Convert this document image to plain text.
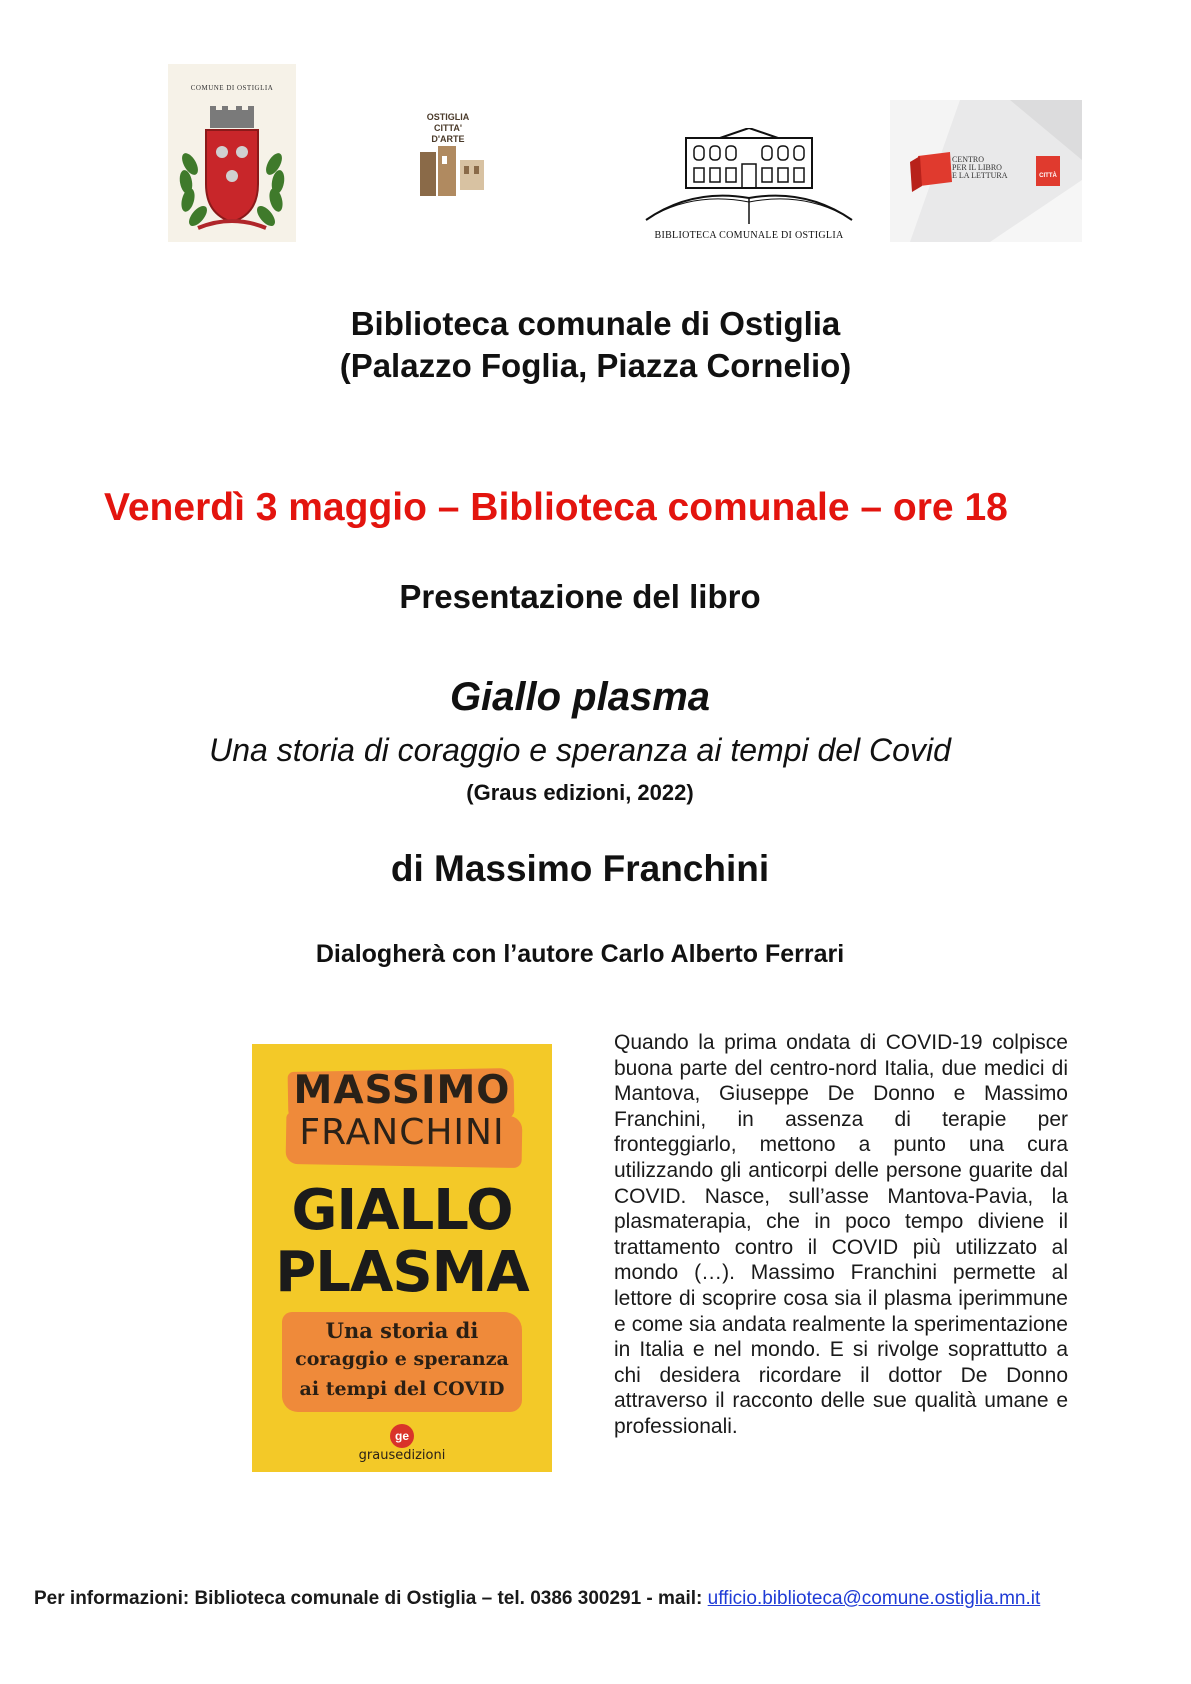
COMUNE DI OSTIGLIA
OSTIGLIA
CITTA'
D'ARTE
BIBLIOTECA COMUNALE DI OSTIGLIA
CENTRO
PER IL LIBRO
E LA LETTURA	CITTÀ
Biblioteca comunale di Ostiglia
(Palazzo Foglia, Piazza Cornelio)
Venerdì 3 maggio – Biblioteca comunale – ore 18
Presentazione del libro
Giallo plasma
Una storia di coraggio e speranza ai tempi del Covid
(Graus edizioni, 2022)
di Massimo Franchini
Dialogherà con l’autore Carlo Alberto Ferrari
MASSIMO
FRANCHINI
GIALLO
PLASMA
Una storia di
coraggio e speranza
ai tempi del COVID
ge
grausedizioni
Quando la prima ondata di COVID-19 colpisce buona parte del centro-nord Italia, due medici di Mantova, Giuseppe De Donno e Massimo Franchini, in assenza di terapie per fronteggiarlo, mettono a punto una cura utilizzando gli anticorpi delle persone guarite dal COVID. Nasce, sull’asse Mantova-Pavia, la plasmaterapia, che in poco tempo diviene il trattamento contro il COVID più utilizzato al mondo (…). Massimo Franchini permette al lettore di scoprire cosa sia il plasma iperimmune e come sia andata realmente la sperimentazione in Italia e nel mondo. E si rivolge soprattutto a chi desidera ricordare il dottor De Donno attraverso il racconto delle sue qualità umane e professionali.
Per informazioni: Biblioteca comunale di Ostiglia – tel. 0386 300291 - mail: ufficio.biblioteca@comune.ostiglia.mn.it
